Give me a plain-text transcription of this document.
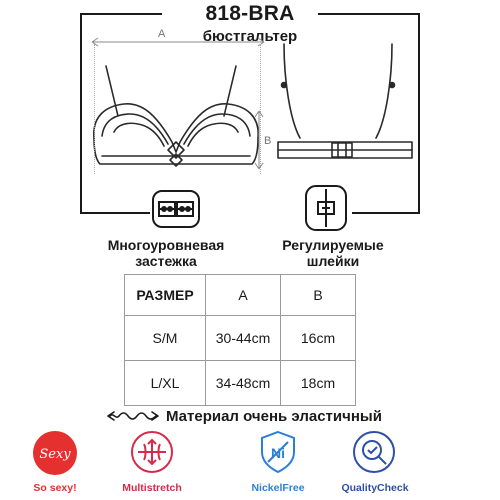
818-BRA
бюстгальтер
A
B
Многоуровневая застежка
Регулируемые шлейки
РАЗМЕР	A	B
S/M	30-44cm	16cm
L/XL	34-48cm	18cm
Материал очень эластичный
Sexy	Ni
So sexy!	Multistretch	NickelFree	QualityCheck
